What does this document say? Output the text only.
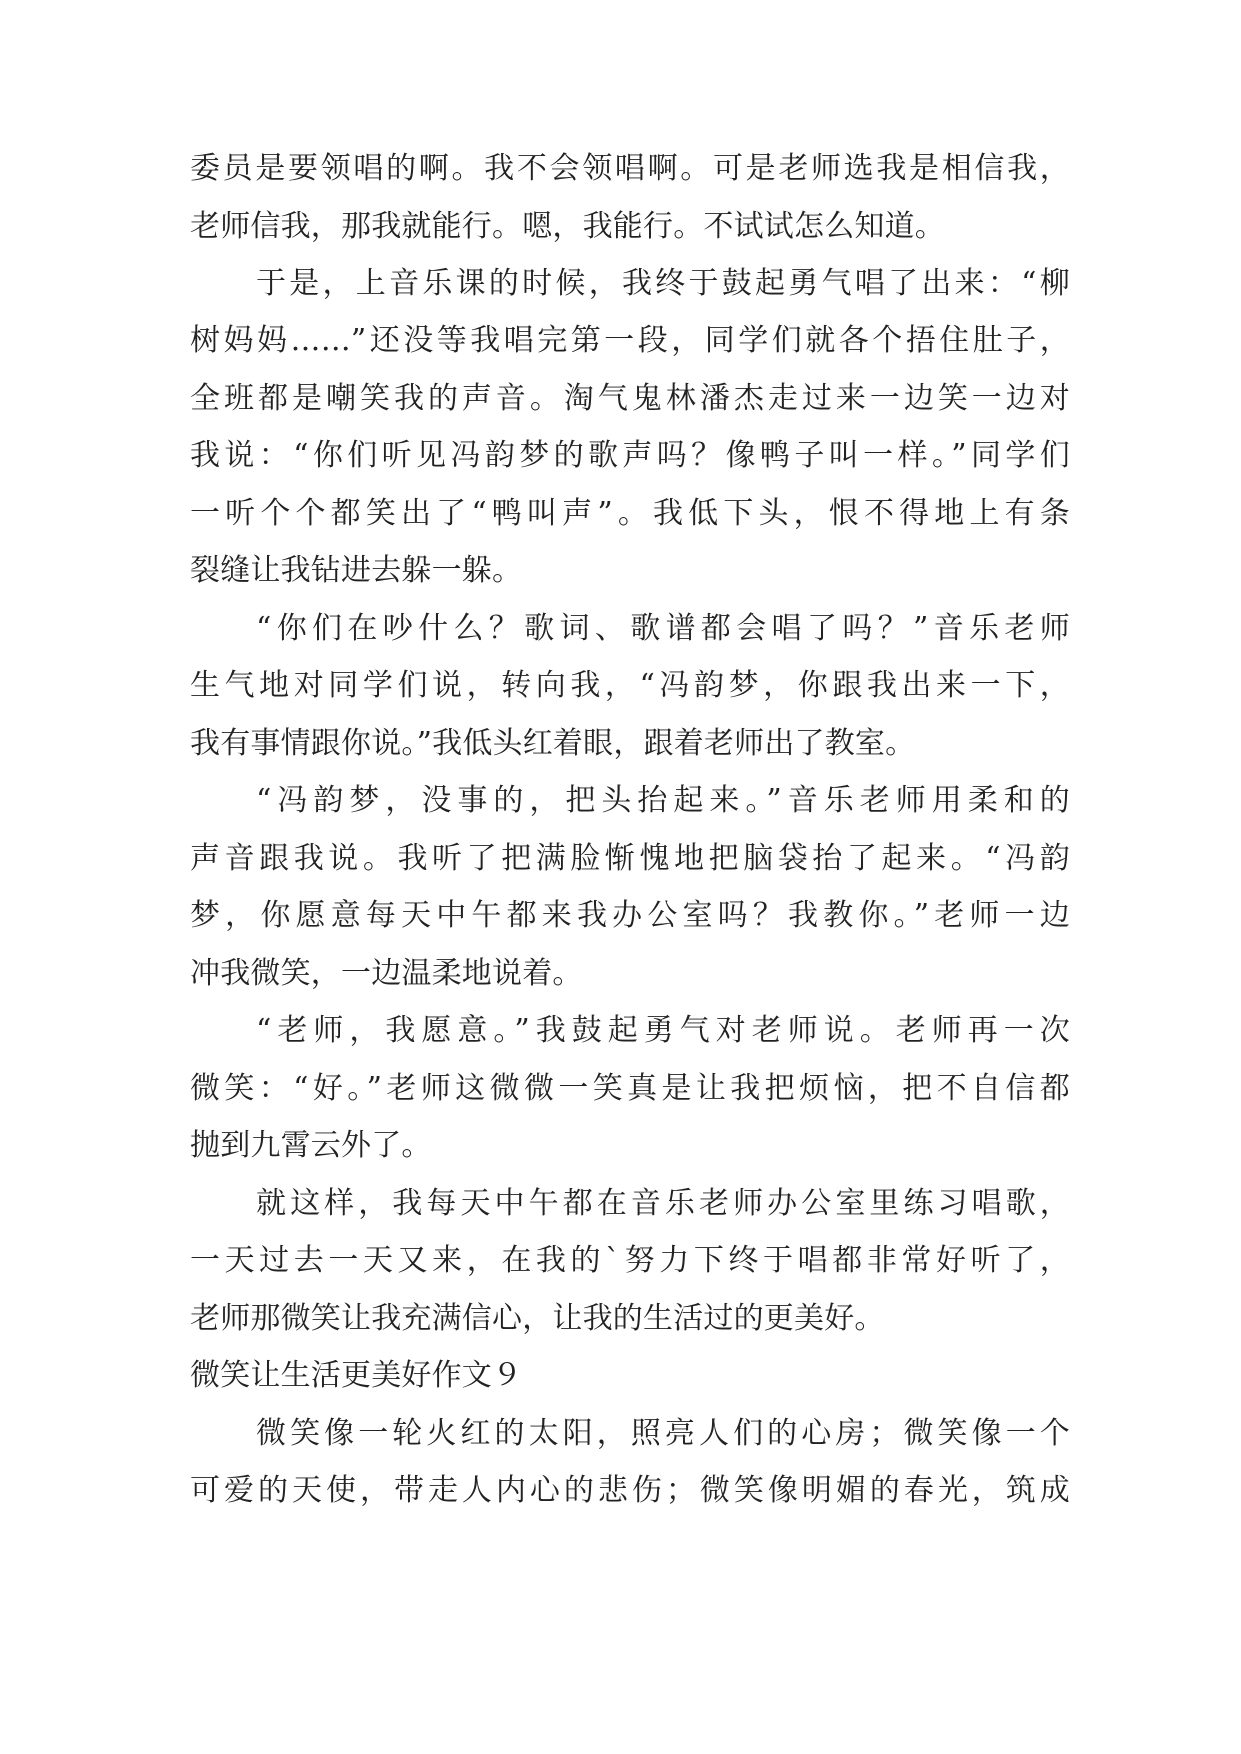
委员是要领唱的啊。我不会领唱啊。可是老师选我是相信我，
老师信我，那我就能行。嗯，我能行。不试试怎么知道。
于是，上音乐课的时候，我终于鼓起勇气唱了出来：“柳
树妈妈……”还没等我唱完第一段，同学们就各个捂住肚子，
全班都是嘲笑我的声音。淘气鬼林潘杰走过来一边笑一边对
我说：“你们听见冯韵梦的歌声吗？像鸭子叫一样。”同学们
一听个个都笑出了“鸭叫声”。我低下头，恨不得地上有条
裂缝让我钻进去躲一躲。
“你们在吵什么？歌词、歌谱都会唱了吗？”音乐老师
生气地对同学们说，转向我，“冯韵梦，你跟我出来一下，
我有事情跟你说。”我低头红着眼，跟着老师出了教室。
“冯韵梦，没事的，把头抬起来。”音乐老师用柔和的
声音跟我说。我听了把满脸惭愧地把脑袋抬了起来。“冯韵
梦，你愿意每天中午都来我办公室吗？我教你。”老师一边
冲我微笑，一边温柔地说着。
“老师，我愿意。”我鼓起勇气对老师说。老师再一次
微笑：“好。”老师这微微一笑真是让我把烦恼，把不自信都
抛到九霄云外了。
就这样，我每天中午都在音乐老师办公室里练习唱歌，
一天过去一天又来，在我的`努力下终于唱都非常好听了，
老师那微笑让我充满信心，让我的生活过的更美好。
微笑让生活更美好作文９
微笑像一轮火红的太阳，照亮人们的心房；微笑像一个
可爱的天使，带走人内心的悲伤；微笑像明媚的春光，筑成
